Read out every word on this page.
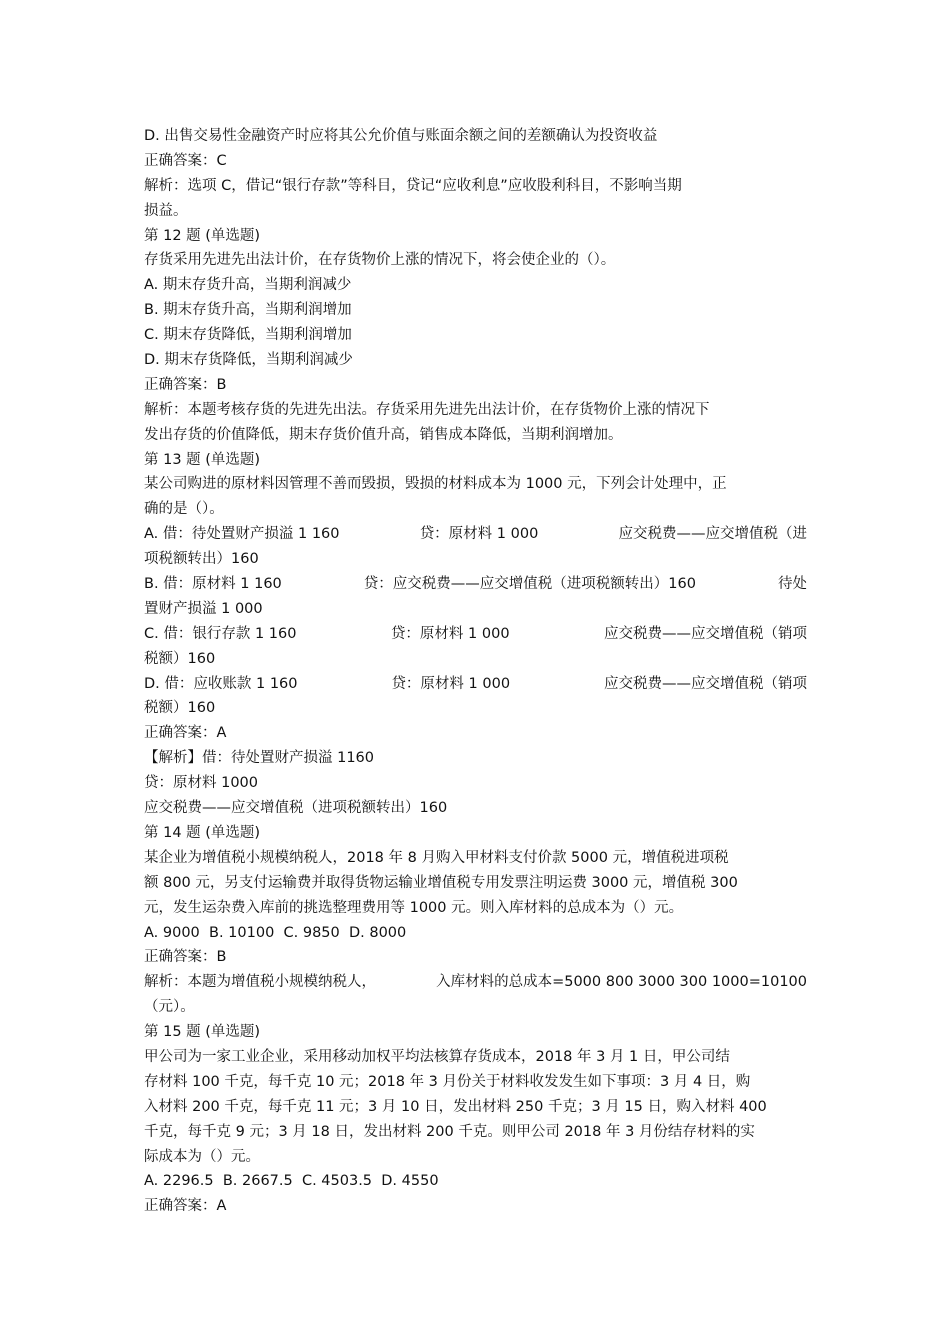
D. 出售交易性金融资产时应将其公允价值与账面余额之间的差额确认为投资收益
正确答案：C
解析：选项 C，借记“银行存款”等科目，贷记“应收利息”应收股利科目，不影响当期
损益。
第 12 题 (单选题)
存货采用先进先出法计价，在存货物价上涨的情况下，将会使企业的（）。
A. 期末存货升高，当期利润减少
B. 期末存货升高，当期利润增加
C. 期末存货降低，当期利润增加
D. 期末存货降低，当期利润减少
正确答案：B
解析：本题考核存货的先进先出法。存货采用先进先出法计价，在存货物价上涨的情况下
发出存货的价值降低，期末存货价值升高，销售成本降低，当期利润增加。
第 13 题 (单选题)
某公司购进的原材料因管理不善而毁损，毁损的材料成本为 1000 元，下列会计处理中，正
确的是（）。
A. 借：待处置财产损溢 1 160	贷：原材料 1 000	应交税费——应交增值税（进
项税额转出）160
B. 借：原材料 1 160	贷：应交税费——应交增值税（进项税额转出）160	待处
置财产损溢 1 000
C. 借：银行存款 1 160	贷：原材料 1 000	应交税费——应交增值税（销项
税额）160
D. 借：应收账款 1 160	贷：原材料 1 000	应交税费——应交增值税（销项
税额）160
正确答案：A
【解析】借：待处置财产损溢 1160
贷：原材料 1000
应交税费——应交增值税（进项税额转出）160
第 14 题 (单选题)
某企业为增值税小规模纳税人，2018 年 8 月购入甲材料支付价款 5000 元，增值税进项税
额 800 元，另支付运输费并取得货物运输业增值税专用发票注明运费 3000 元，增值税 300
元，发生运杂费入库前的挑选整理费用等 1000 元。则入库材料的总成本为（）元。
A. 9000  B. 10100  C. 9850  D. 8000
正确答案：B
解析：本题为增值税小规模纳税人，	入库材料的总成本=5000 800 3000 300 1000=10100
（元）。
第 15 题 (单选题)
甲公司为一家工业企业，采用移动加权平均法核算存货成本，2018 年 3 月 1 日，甲公司结
存材料 100 千克，每千克 10 元；2018 年 3 月份关于材料收发发生如下事项：3 月 4 日，购
入材料 200 千克，每千克 11 元；3 月 10 日，发出材料 250 千克；3 月 15 日，购入材料 400
千克，每千克 9 元；3 月 18 日，发出材料 200 千克。则甲公司 2018 年 3 月份结存材料的实
际成本为（）元。
A. 2296.5  B. 2667.5  C. 4503.5  D. 4550
正确答案：A
